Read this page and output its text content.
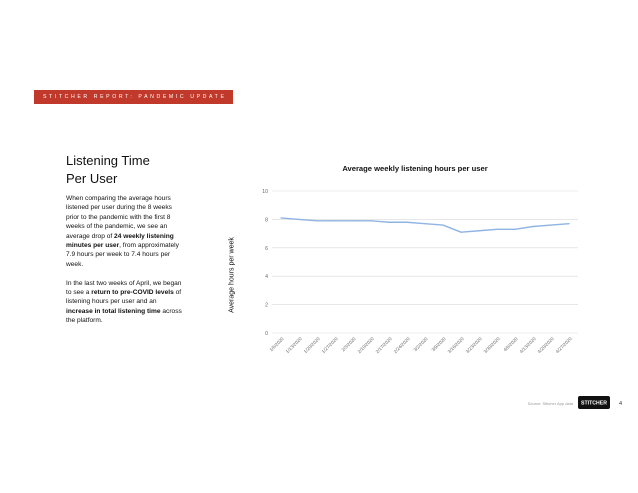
STITCHER REPORT: PANDEMIC UPDATE
Listening Time
Per User

When comparing the average hours listened per user during the 8 weeks prior to the pandemic with the first 8 weeks of the pandemic, we see an average drop of 24 weekly listening minutes per user, from approximately 7.9 hours per week to 7.4 hours per week.

In the last two weeks of April, we began to see a return to pre-COVID levels of listening hours per user and an increase in total listening time across the platform.

Average weekly listening hours per user
Average hours per week
0
2
4
6
8
10
1/6/2020 1/13/2020 1/20/2020 1/27/2020 2/3/2020 2/10/2020 2/17/2020 2/24/2020 3/2/2020 3/9/2020 3/16/2020 3/23/2020 3/30/2020 4/6/2020 4/13/2020 4/20/2020 4/27/2020
Source: Stitcher App data STITCHER 4
